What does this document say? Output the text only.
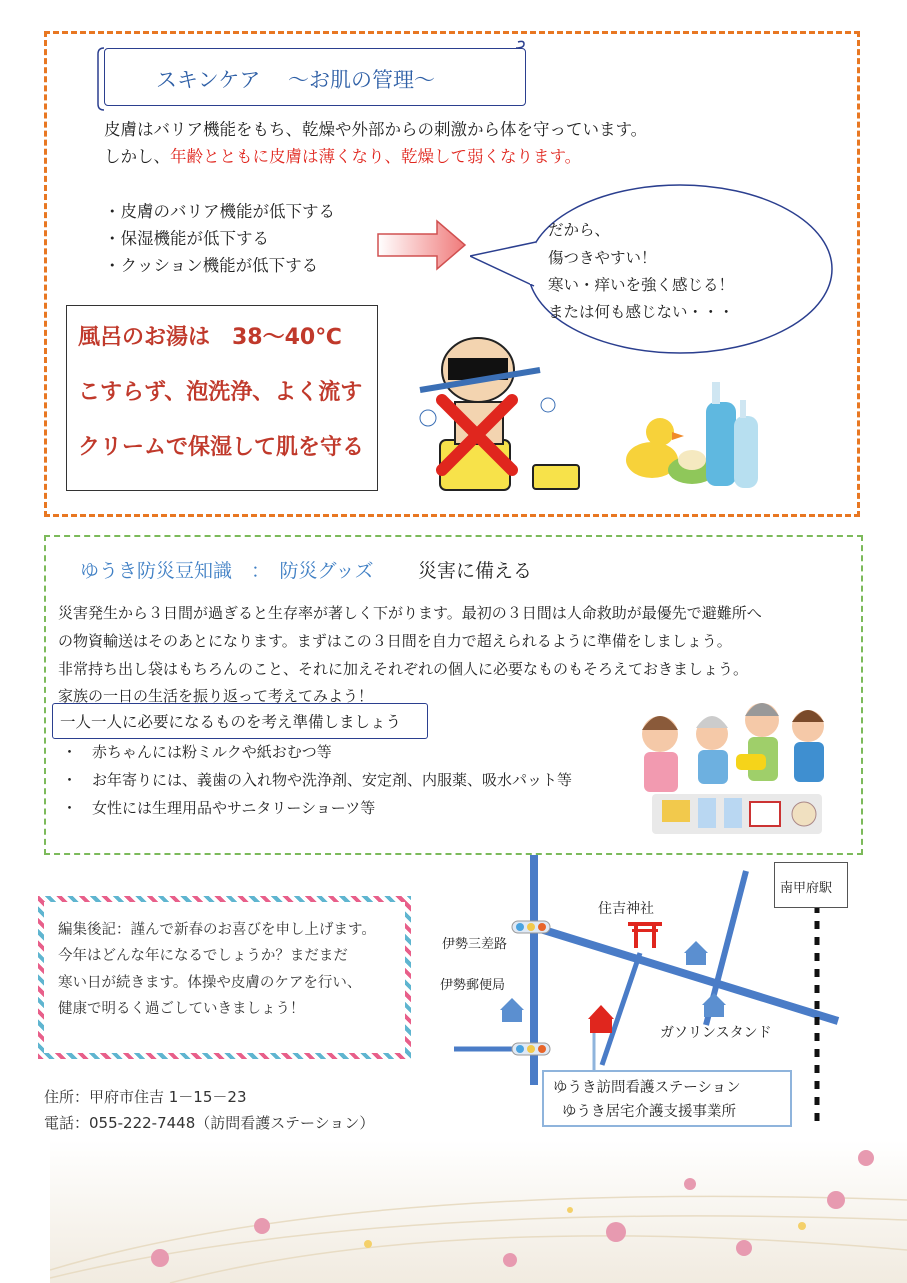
スキンケア　 ～お肌の管理～
皮膚はバリア機能をもち、乾燥や外部からの刺激から体を守っています。
しかし、年齢とともに皮膚は薄くなり、乾燥して弱くなります。
・皮膚のバリア機能が低下する
・保湿機能が低下する
・クッション機能が低下する
だから、
傷つきやすい！
寒い・痒いを強く感じる！
または何も感じない・・・
風呂のお湯は　38～40℃
こすらず、泡洗浄、よく流す
クリームで保湿して肌を守る
ゆうき防災豆知識　：　防災グッズ 災害に備える
災害発生から３日間が過ぎると生存率が著しく下がります。最初の３日間は人命救助が最優先で避難所へ
の物資輸送はそのあとになります。まずはこの３日間を自力で超えられるように準備をしましょう。
非常持ち出し袋はもちろんのこと、それに加えそれぞれの個人に必要なものもそろえておきましょう。
家族の一日の生活を振り返って考えてみよう！
一人一人に必要になるものを考え準備しましょう
・　赤ちゃんには粉ミルクや紙おむつ等
・　お年寄りには、義歯の入れ物や洗浄剤、安定剤、内服薬、吸水パット等
・　女性には生理用品やサニタリーショーツ等
編集後記：謹んで新春のお喜びを申し上げます。
今年はどんな年になるでしょうか？まだまだ
寒い日が続きます。体操や皮膚のケアを行い、
健康で明るく過ごしていきましょう！
住所：甲府市住吉 1－15－23
電話：055-222-7448（訪問看護ステーション）
住吉神社
伊勢三差路
伊勢郵便局
ガソリンスタンド
南甲府駅
ゆうき訪問看護ステーション
ゆうき居宅介護支援事業所
